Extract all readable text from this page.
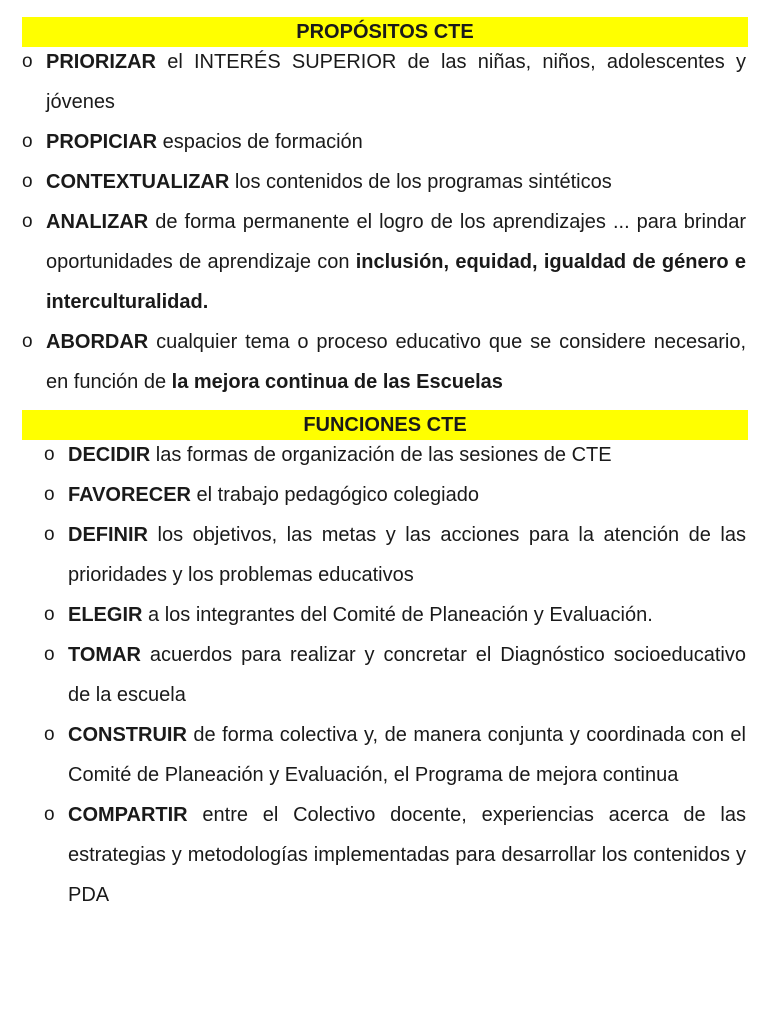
PROPÓSITOS CTE
o PRIORIZAR el INTERÉS SUPERIOR de las niñas, niños, adolescentes y jóvenes
o PROPICIAR espacios de formación
o CONTEXTUALIZAR los contenidos de los programas sintéticos
o ANALIZAR de forma permanente el logro de los aprendizajes ... para brindar oportunidades de aprendizaje con inclusión, equidad, igualdad de género e interculturalidad.
o ABORDAR cualquier tema o proceso educativo que se considere necesario, en función de la mejora continua de las Escuelas
FUNCIONES CTE
o DECIDIR las formas de organización de las sesiones de CTE
o FAVORECER el trabajo pedagógico colegiado
o DEFINIR los objetivos, las metas y las acciones para la atención de las prioridades y los problemas educativos
o ELEGIR a los integrantes del Comité de Planeación y Evaluación.
o TOMAR acuerdos para realizar y concretar el Diagnóstico socioeducativo de la escuela
o CONSTRUIR de forma colectiva y, de manera conjunta y coordinada con el Comité de Planeación y Evaluación, el Programa de mejora continua
o COMPARTIR entre el Colectivo docente, experiencias acerca de las estrategias y metodologías implementadas para desarrollar los contenidos y PDA
